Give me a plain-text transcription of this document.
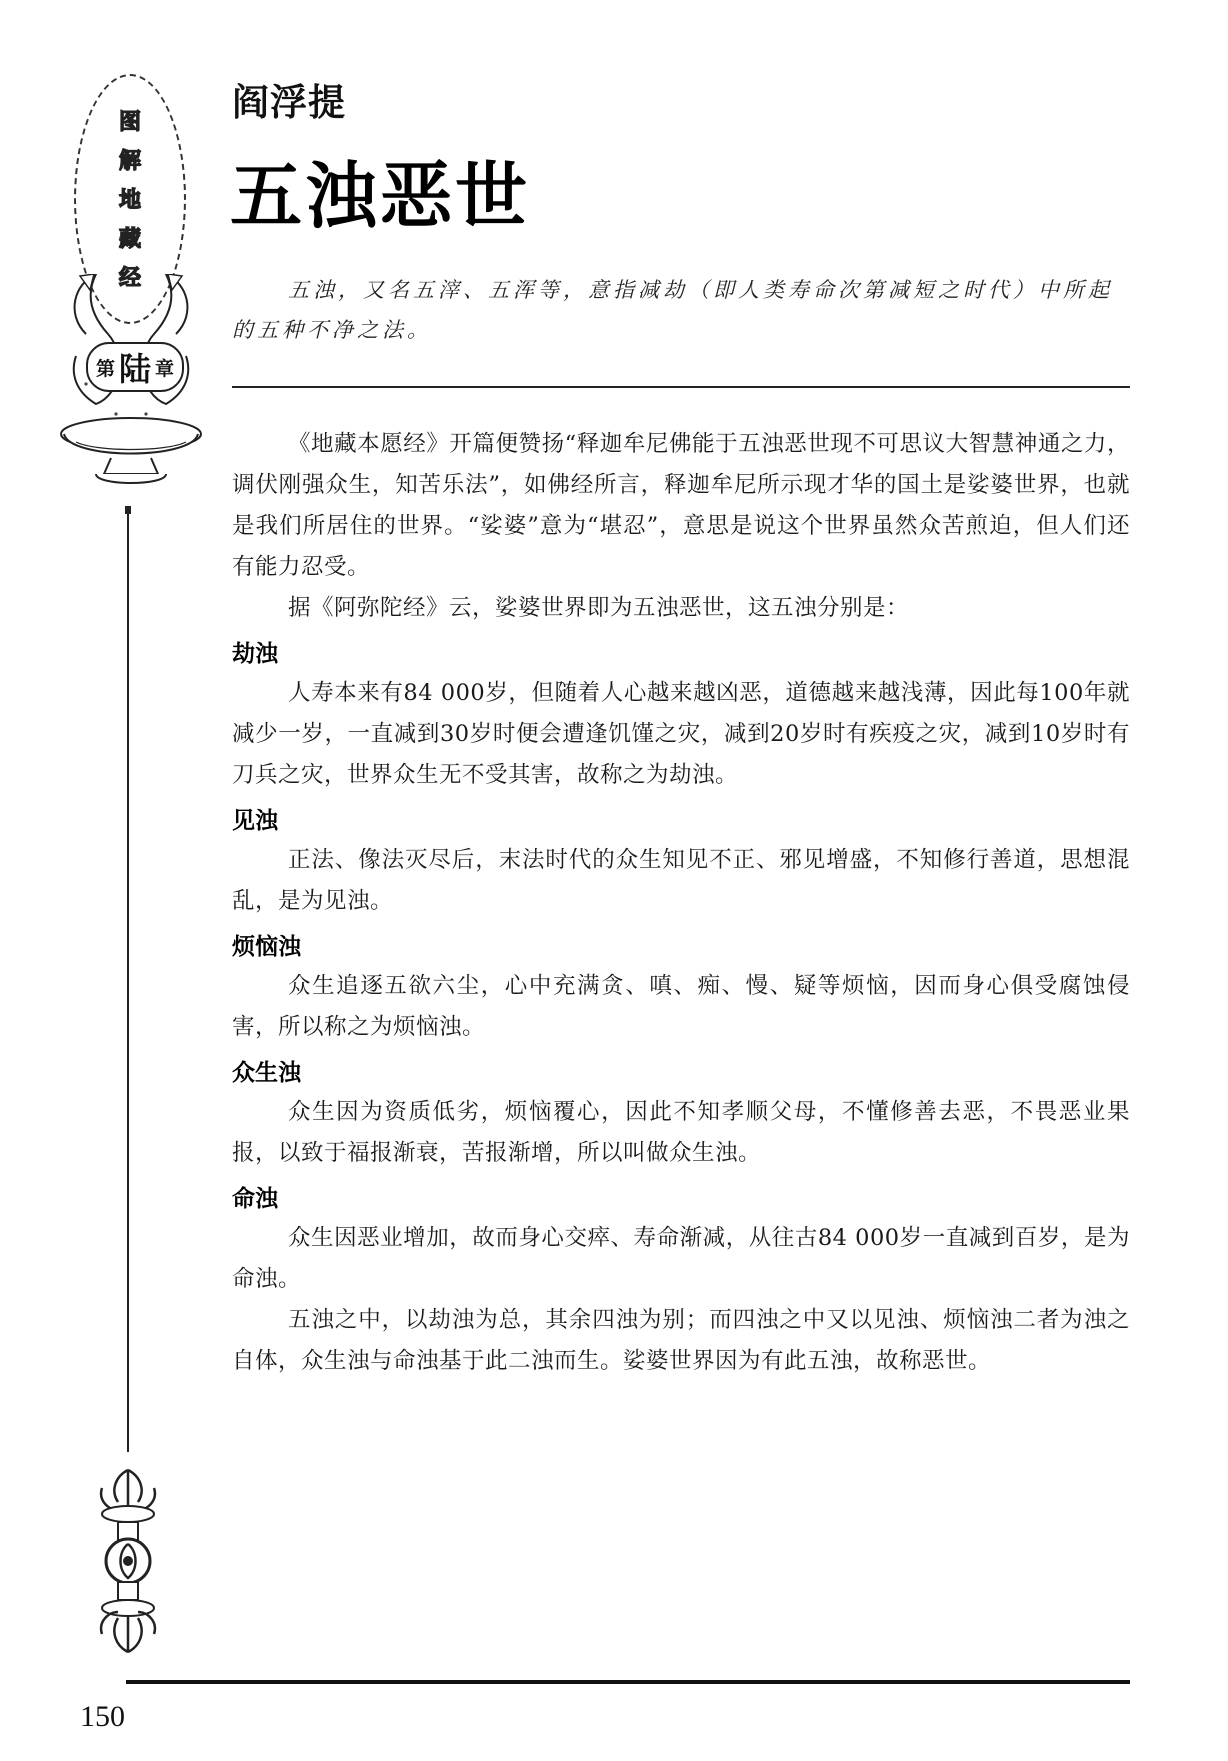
图
解
地
藏
经
第 陆 章
阎浮提
五浊恶世

五浊，又名五滓、五浑等，意指减劫（即人类寿命次第减短之时代）中所起的五种不净之法。

《地藏本愿经》开篇便赞扬“释迦牟尼佛能于五浊恶世现不可思议大智慧神通之力，调伏刚强众生，知苦乐法”，如佛经所言，释迦牟尼所示现才华的国土是娑婆世界，也就是我们所居住的世界。“娑婆”意为“堪忍”，意思是说这个世界虽然众苦煎迫，但人们还有能力忍受。

据《阿弥陀经》云，娑婆世界即为五浊恶世，这五浊分别是：

劫浊

人寿本来有84 000岁，但随着人心越来越凶恶，道德越来越浅薄，因此每100年就减少一岁，一直减到30岁时便会遭逢饥馑之灾，减到20岁时有疾疫之灾，减到10岁时有刀兵之灾，世界众生无不受其害，故称之为劫浊。

见浊

正法、像法灭尽后，末法时代的众生知见不正、邪见增盛，不知修行善道，思想混乱，是为见浊。

烦恼浊

众生追逐五欲六尘，心中充满贪、嗔、痴、慢、疑等烦恼，因而身心俱受腐蚀侵害，所以称之为烦恼浊。

众生浊

众生因为资质低劣，烦恼覆心，因此不知孝顺父母，不懂修善去恶，不畏恶业果报，以致于福报渐衰，苦报渐增，所以叫做众生浊。

命浊

众生因恶业增加，故而身心交瘁、寿命渐减，从往古84 000岁一直减到百岁，是为命浊。

五浊之中，以劫浊为总，其余四浊为别；而四浊之中又以见浊、烦恼浊二者为浊之自体，众生浊与命浊基于此二浊而生。娑婆世界因为有此五浊，故称恶世。

150
